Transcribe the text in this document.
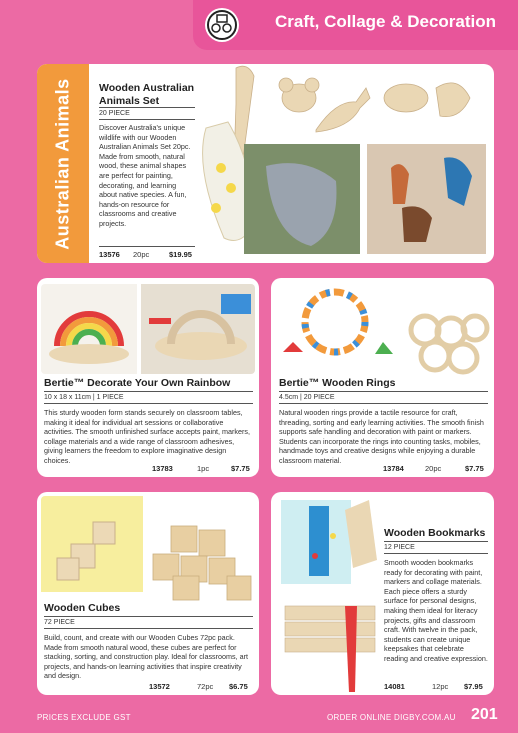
Craft, Collage & Decoration
Australian Animals	Wooden Australian
Animals Set
20 PIECE
Discover Australia's unique wildlife with our Wooden Australian Animals Set 20pc. Made from smooth, natural wood, these animal shapes are perfect for painting, decorating, and learning about native species. A fun, hands-on resource for classrooms and creative projects.
13576 20pc	$19.95
Bertie™ Decorate Your Own Rainbow
10 x 18 x 11cm | 1 PIECE
This sturdy wooden form stands securely on classroom tables, making it ideal for individual art sessions or collaborative activities. The smooth unfinished surface accepts paint, markers, collage materials and a wide range of classroom adhesives, giving learners the freedom to explore imaginative design choices.
13783	1pc	$7.75
Bertie™ Wooden Rings
4.5cm | 20 PIECE
Natural wooden rings provide a tactile resource for craft, threading, sorting and early learning activities. The smooth finish supports safe handling and decoration with paint or markers. Students can incorporate the rings into counting tasks, mobiles, handmade toys and creative designs while enjoying a durable classroom material.
13784	20pc	$7.75
Wooden Cubes
72 PIECE
Build, count, and create with our Wooden Cubes 72pc pack. Made from smooth natural wood, these cubes are perfect for stacking, sorting, and construction play. Ideal for classrooms, art projects, and hands-on learning activities that inspire creativity and design.
13572	72pc $6.75
Wooden Bookmarks
12 PIECE
Smooth wooden bookmarks ready for decorating with paint, markers and collage materials. Each piece offers a sturdy surface for personal designs, making them ideal for literacy projects, gifts and classroom craft. With twelve in the pack, students can create unique keepsakes that celebrate reading and creative expression.
14081	12pc $7.95
PRICES EXCLUDE GST	ORDER ONLINE DIGBY.COM.AU 201
